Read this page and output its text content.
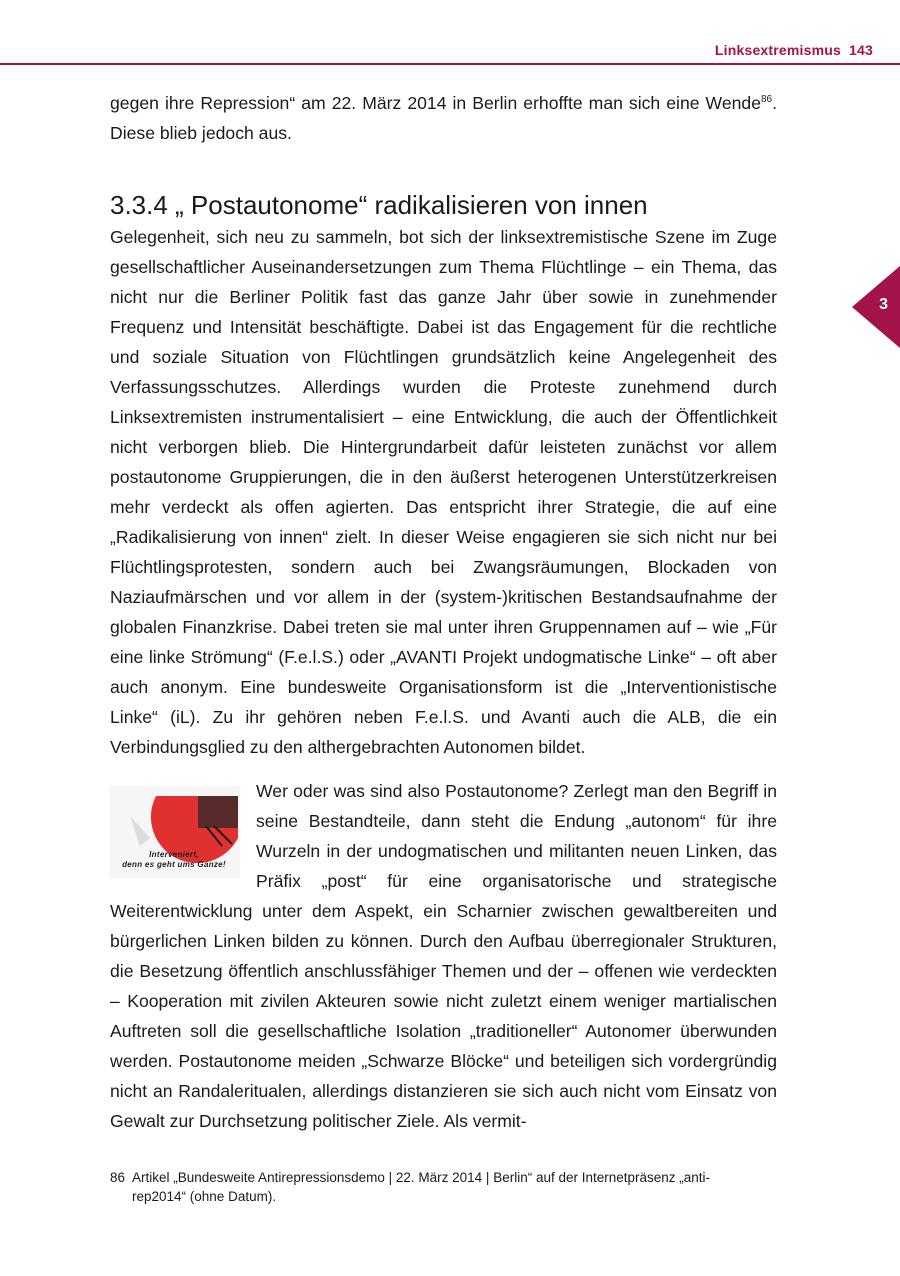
Linksextremismus 143
3
gegen ihre Repression“ am 22. März 2014 in Berlin erhoffte man sich eine Wende$^{86}$. Diese blieb jedoch aus.
3.3.4 „ Postautonome“ radikalisieren von innen
Gelegenheit, sich neu zu sammeln, bot sich der linksextremistische Szene im Zuge gesellschaftlicher Auseinandersetzungen zum Thema Flüchtlinge – ein Thema, das nicht nur die Berliner Politik fast das ganze Jahr über sowie in zunehmender Frequenz und Intensität beschäftigte. Dabei ist das Engagement für die rechtliche und soziale Situation von Flüchtlingen grundsätzlich keine Angelegenheit des Verfassungsschutzes. Allerdings wurden die Proteste zunehmend durch Linksextremisten instrumentalisiert – eine Entwicklung, die auch der Öffentlichkeit nicht verborgen blieb. Die Hintergrundarbeit dafür leisteten zunächst vor allem postautonome Gruppierungen, die in den äußerst heterogenen Unterstützerkreisen mehr verdeckt als offen agierten. Das entspricht ihrer Strategie, die auf eine „Radikalisierung von innen“ zielt. In dieser Weise engagieren sie sich nicht nur bei Flüchtlingsprotesten, sondern auch bei Zwangsräumungen, Blockaden von Naziaufmärschen und vor allem in der (system-)kritischen Bestandsaufnahme der globalen Finanzkrise. Dabei treten sie mal unter ihren Gruppennamen auf – wie „Für eine linke Strömung“ (F.e.l.S.) oder „AVANTI Projekt undogmatische Linke“ – oft aber auch anonym. Eine bundesweite Organisationsform ist die „Interventionistische Linke“ (iL). Zu ihr gehören neben F.e.l.S. und Avanti auch die ALB, die ein Verbindungsglied zu den althergebrachten Autonomen bildet.
Interveniert,
denn es geht ums Ganze!
Wer oder was sind also Postautonome? Zerlegt man den Begriff in seine Bestandteile, dann steht die Endung „autonom“ für ihre Wurzeln in der undogmatischen und militanten neuen Linken, das Präfix „post“ für eine organisatorische und strategische Weiterentwicklung unter dem Aspekt, ein Scharnier zwischen gewaltbereiten und bürgerlichen Linken bilden zu können. Durch den Aufbau überregionaler Strukturen, die Besetzung öffentlich anschlussfähiger Themen und der – offenen wie verdeckten – Kooperation mit zivilen Akteuren sowie nicht zuletzt einem weniger martialischen Auftreten soll die gesellschaftliche Isolation „traditioneller“ Autonomer überwunden werden. Postautonome meiden „Schwarze Blöcke“ und beteiligen sich vordergründig nicht an Randaleritualen, allerdings distanzieren sie sich auch nicht vom Einsatz von Gewalt zur Durchsetzung politischer Ziele. Als vermit-
86 Artikel „Bundesweite Antirepressionsdemo | 22. März 2014 | Berlin“ auf der Internetpräsenz „anti-
rep2014“ (ohne Datum).
